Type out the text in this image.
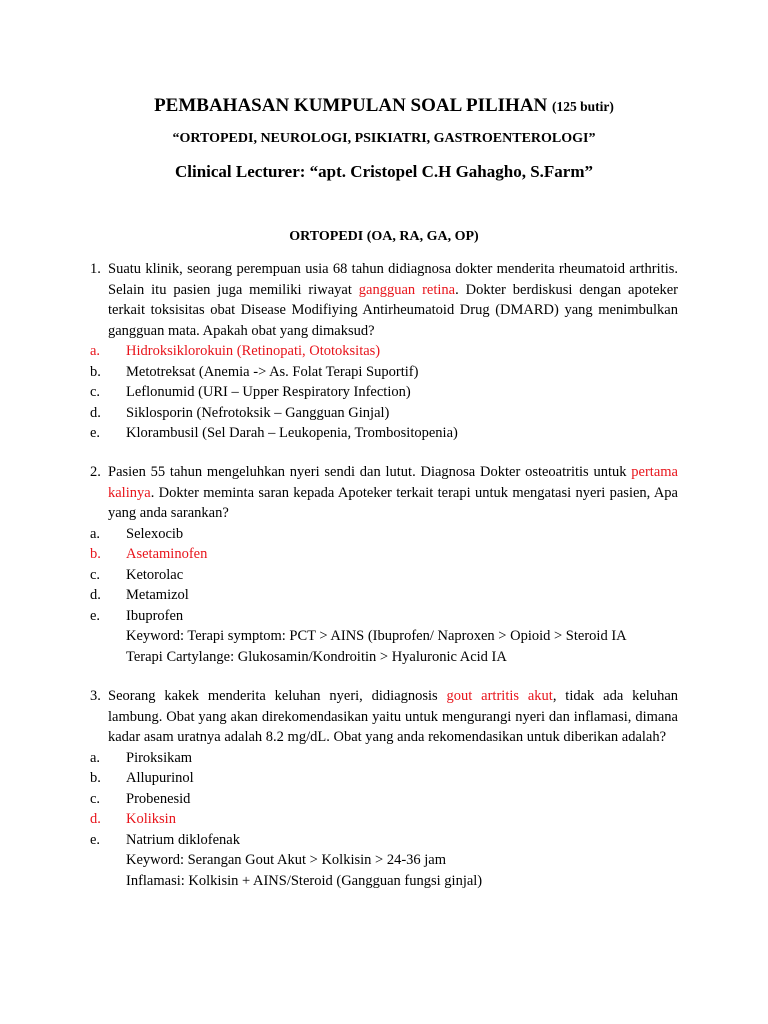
PEMBAHASAN KUMPULAN SOAL PILIHAN (125 butir)
“ORTOPEDI, NEUROLOGI, PSIKIATRI, GASTROENTEROLOGI”
Clinical Lecturer: “apt. Cristopel C.H Gahagho, S.Farm”
ORTOPEDI (OA, RA, GA, OP)
1. Suatu klinik, seorang perempuan usia 68 tahun didiagnosa dokter menderita rheumatoid arthritis. Selain itu pasien juga memiliki riwayat gangguan retina. Dokter berdiskusi dengan apoteker terkait toksisitas obat Disease Modifiying Antirheumatoid Drug (DMARD) yang menimbulkan gangguan mata. Apakah obat yang dimaksud?
a.	Hidroksiklorokuin (Retinopati, Ototoksitas)
b.	Metotreksat (Anemia -> As. Folat Terapi Suportif)
c.	Leflonumid (URI – Upper Respiratory Infection)
d.	Siklosporin (Nefrotoksik – Gangguan Ginjal)
e.	Klorambusil (Sel Darah – Leukopenia, Trombositopenia)
2. Pasien 55 tahun mengeluhkan nyeri sendi dan lutut. Diagnosa Dokter osteoatritis untuk pertama kalinya. Dokter meminta saran kepada Apoteker terkait terapi untuk mengatasi nyeri pasien, Apa yang anda sarankan?
a.	Selexocib
b.	Asetaminofen
c.	Ketorolac
d.	Metamizol
e.	Ibuprofen
Keyword: Terapi symptom: PCT > AINS (Ibuprofen/ Naproxen > Opioid > Steroid IA
Terapi Cartylange: Glukosamin/Kondroitin > Hyaluronic Acid IA
3. Seorang kakek menderita keluhan nyeri, didiagnosis gout artritis akut, tidak ada keluhan lambung. Obat yang akan direkomendasikan yaitu untuk mengurangi nyeri dan inflamasi, dimana kadar asam uratnya adalah 8.2 mg/dL. Obat yang anda rekomendasikan untuk diberikan adalah?
a.	Piroksikam
b.	Allupurinol
c.	Probenesid
d.	Koliksin
e.	Natrium diklofenak
Keyword: Serangan Gout Akut > Kolkisin > 24-36 jam
Inflamasi: Kolkisin + AINS/Steroid (Gangguan fungsi ginjal)
